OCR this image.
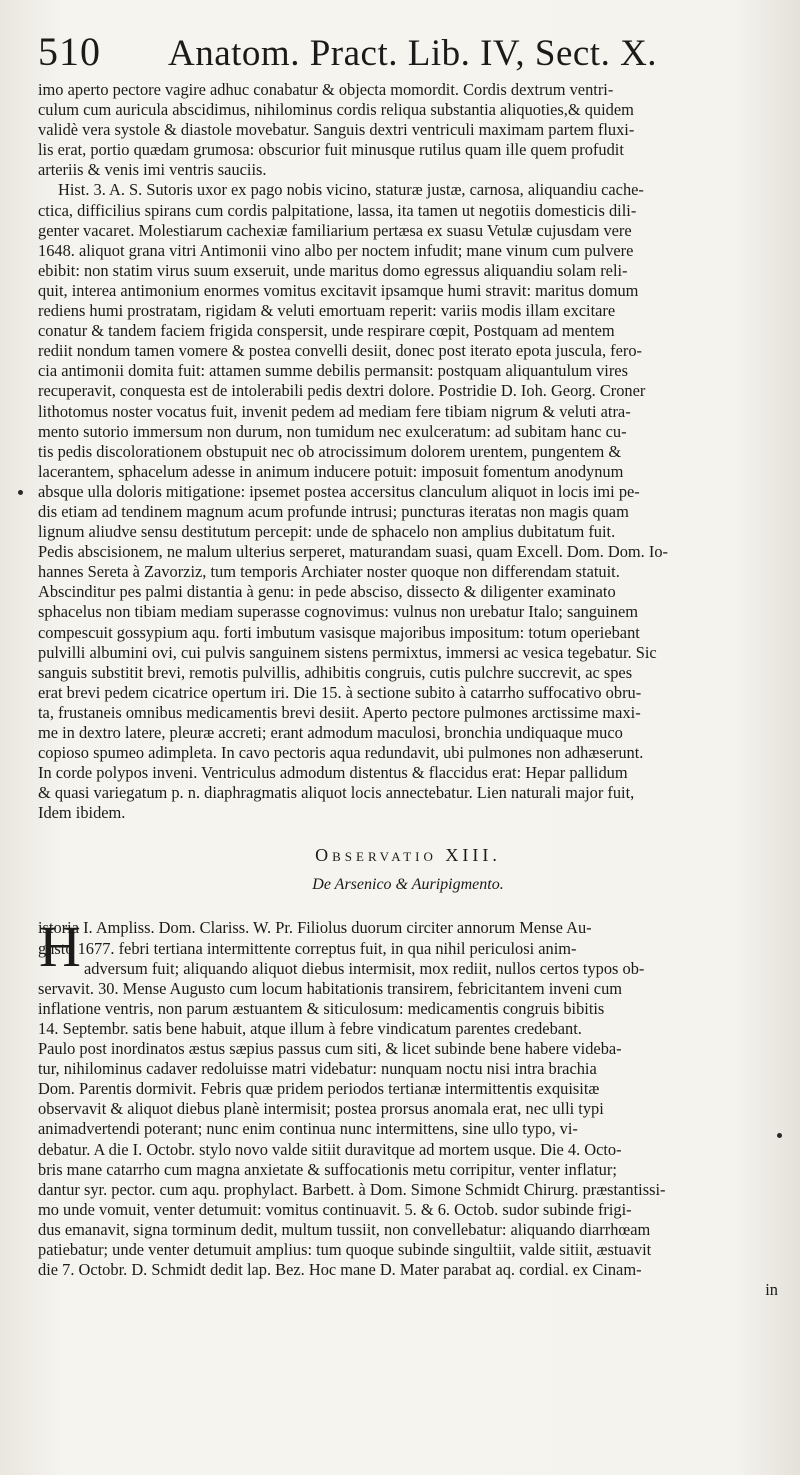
510	Anatom. Pract. Lib. IV, Sect. X.
imo aperto pectore vagire adhuc conabatur & objecta momordit. Cordis dextrum ventri-
culum cum auricula abscidimus, nihilominus cordis reliqua substantia aliquoties,& quidem
validè vera systole & diastole movebatur. Sanguis dextri ventriculi maximam partem fluxi-
lis erat, portio quædam grumosa: obscurior fuit minusque rutilus quam ille quem profudit
arteriis & venis imi ventris sauciis.
Hist. 3. A. S. Sutoris uxor ex pago nobis vicino, staturæ justæ, carnosa, aliquandiu cache-
ctica, difficilius spirans cum cordis palpitatione, lassa, ita tamen ut negotiis domesticis dili-
genter vacaret. Molestiarum cachexiæ familiarium pertæsa ex suasu Vetulæ cujusdam vere
1648. aliquot grana vitri Antimonii vino albo per noctem infudit; mane vinum cum pulvere
ebibit: non statim virus suum exseruit, unde maritus domo egressus aliquandiu solam reli-
quit, interea antimonium enormes vomitus excitavit ipsamque humi stravit: maritus domum
rediens humi prostratam, rigidam & veluti emortuam reperit: variis modis illam excitare
conatur & tandem faciem frigida conspersit, unde respirare cœpit, Postquam ad mentem
rediit nondum tamen vomere & postea convelli desiit, donec post iterato epota juscula, fero-
cia antimonii domita fuit: attamen summe debilis permansit: postquam aliquantulum vires
recuperavit, conquesta est de intolerabili pedis dextri dolore. Postridie D. Ioh. Georg. Croner
lithotomus noster vocatus fuit, invenit pedem ad mediam fere tibiam nigrum & veluti atra-
mento sutorio immersum non durum, non tumidum nec exulceratum: ad subitam hanc cu-
tis pedis discolorationem obstupuit nec ob atrocissimum dolorem urentem, pungentem &
lacerantem, sphacelum adesse in animum inducere potuit: imposuit fomentum anodynum
absque ulla doloris mitigatione: ipsemet postea accersitus clanculum aliquot in locis imi pe-
dis etiam ad tendinem magnum acum profunde intrusi; puncturas iteratas non magis quam
lignum aliudve sensu destitutum percepit: unde de sphacelo non amplius dubitatum fuit.
Pedis abscisionem, ne malum ulterius serperet, maturandam suasi, quam Excell. Dom. Dom. Io-
hannes Sereta à Zavorziz, tum temporis Archiater noster quoque non differendam statuit.
Abscinditur pes palmi distantia à genu: in pede absciso, dissecto & diligenter examinato
sphacelus non tibiam mediam superasse cognovimus: vulnus non urebatur Italo; sanguinem
compescuit gossypium aqu. forti imbutum vasisque majoribus impositum: totum operiebant
pulvilli albumini ovi, cui pulvis sanguinem sistens permixtus, immersi ac vesica tegebatur. Sic
sanguis substitit brevi, remotis pulvillis, adhibitis congruis, cutis pulchre succrevit, ac spes
erat brevi pedem cicatrice opertum iri. Die 15. à sectione subito à catarrho suffocativo obru-
ta, frustaneis omnibus medicamentis brevi desiit. Aperto pectore pulmones arctissime maxi-
me in dextro latere, pleuræ accreti; erant admodum maculosi, bronchia undiquaque muco
copioso spumeo adimpleta. In cavo pectoris aqua redundavit, ubi pulmones non adhæserunt.
In corde polypos inveni. Ventriculus admodum distentus & flaccidus erat: Hepar pallidum
& quasi variegatum p. n. diaphragmatis aliquot locis annectebatur. Lien naturali major fuit,
Idem ibidem.
Observatio XIII.
De Arsenico & Auripigmento.
H
istoria I. Ampliss. Dom. Clariss. W. Pr. Filiolus duorum circiter annorum Mense Au-
gusto 1677. febri tertiana intermittente correptus fuit, in qua nihil periculosi anim-
adversum fuit; aliquando aliquot diebus intermisit, mox rediit, nullos certos typos ob-
servavit. 30. Mense Augusto cum locum habitationis transirem, febricitantem inveni cum
inflatione ventris, non parum æstuantem & siticulosum: medicamentis congruis bibitis
14. Septembr. satis bene habuit, atque illum à febre vindicatum parentes credebant.
Paulo post inordinatos æstus sæpius passus cum siti, & licet subinde bene habere videba-
tur, nihilominus cadaver redoluisse matri videbatur: nunquam noctu nisi intra brachia
Dom. Parentis dormivit. Febris quæ pridem periodos tertianæ intermittentis exquisitæ
observavit & aliquot diebus planè intermisit; postea prorsus anomala erat, nec ulli typi
animadvertendi poterant; nunc enim continua nunc intermittens, sine ullo typo, vi-
debatur. A die I. Octobr. stylo novo valde sitiit duravitque ad mortem usque. Die 4. Octo-
bris mane catarrho cum magna anxietate & suffocationis metu corripitur, venter inflatur;
dantur syr. pector. cum aqu. prophylact. Barbett. à Dom. Simone Schmidt Chirurg. præstantissi-
mo unde vomuit, venter detumuit: vomitus continuavit. 5. & 6. Octob. sudor subinde frigi-
dus emanavit, signa torminum dedit, multum tussiit, non convellebatur: aliquando diarrhœam
patiebatur; unde venter detumuit amplius: tum quoque subinde singultiit, valde sitiit, æstuavit
die 7. Octobr. D. Schmidt dedit lap. Bez. Hoc mane D. Mater parabat aq. cordial. ex Cinam-
in
